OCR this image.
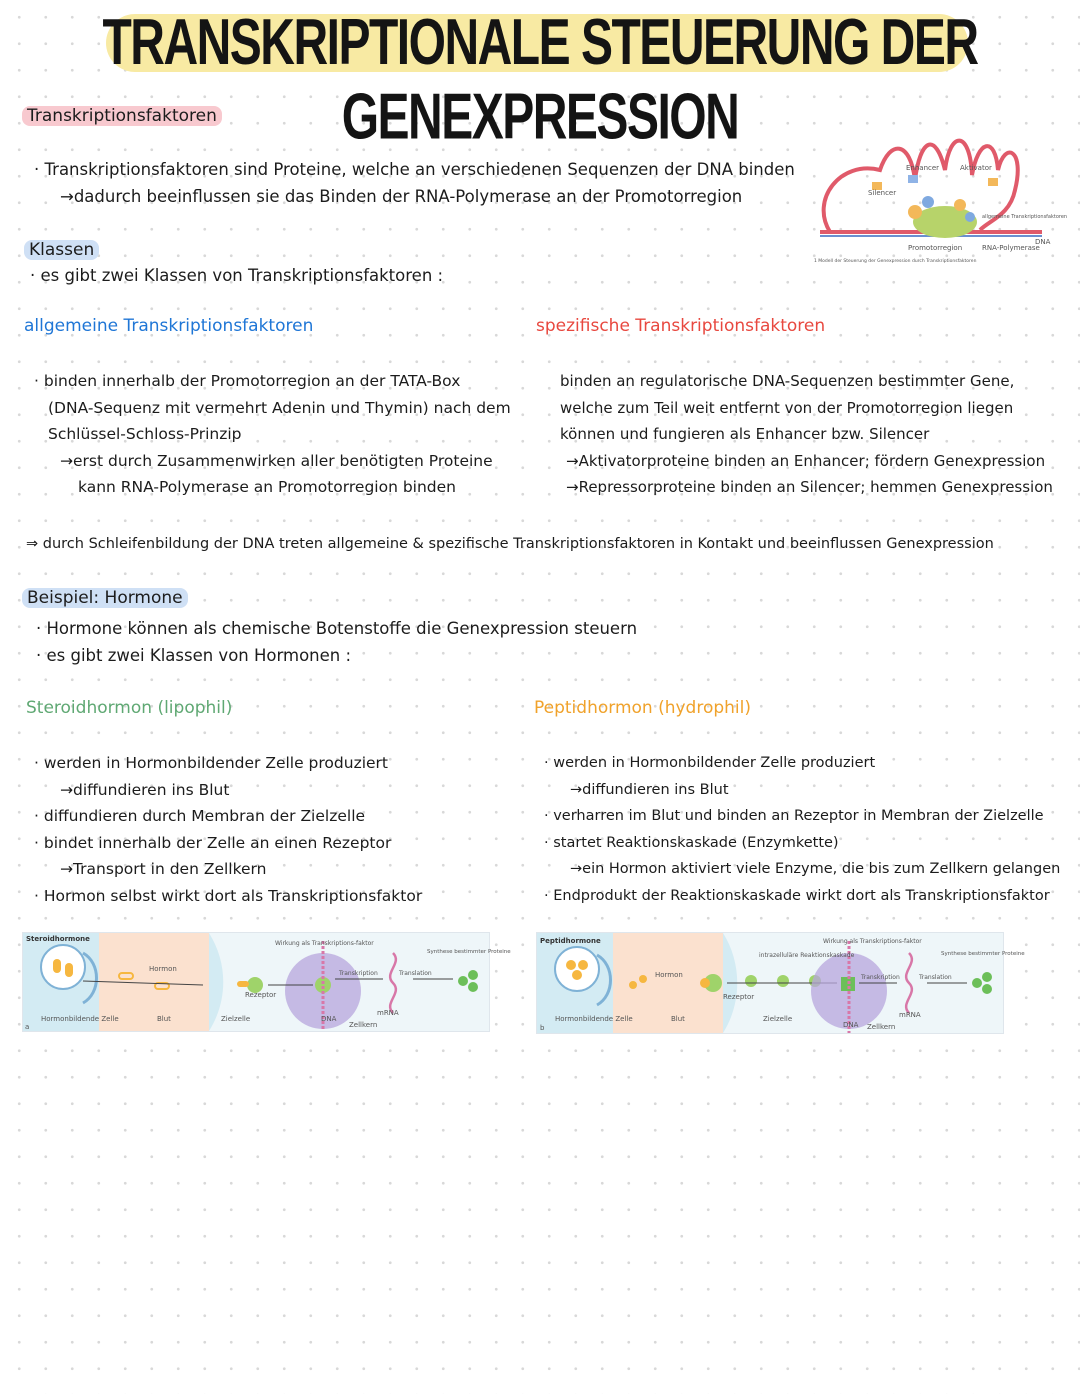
TRANSKRIPTIONALE STEUERUNG DER GENEXPRESSION
Transkriptionsfaktoren
· Transkriptionsfaktoren sind Proteine, welche an verschiedenen Sequenzen der DNA binden
→dadurch beeinflussen sie das Binden der RNA-Polymerase an der Promotorregion
Enhancer	Aktivator
Silencer
allgemeine Transkriptionsfaktoren
Promotorregion	RNA-Polymerase
DNA
1 Modell der Steuerung der Genexpression durch Transkriptionsfaktoren
Klassen
· es gibt zwei Klassen von Transkriptionsfaktoren :
allgemeine Transkriptionsfaktoren	spezifische Transkriptionsfaktoren
· binden innerhalb der Promotorregion an der TATA-Box
(DNA-Sequenz mit vermehrt Adenin und Thymin) nach dem
Schlüssel-Schloss-Prinzip
→erst durch Zusammenwirken aller benötigten Proteine
kann RNA-Polymerase an Promotorregion binden
binden an regulatorische DNA-Sequenzen bestimmter Gene,
welche zum Teil weit entfernt von der Promotorregion liegen
können und fungieren als Enhancer bzw. Silencer
→Aktivatorproteine binden an Enhancer; fördern Genexpression
→Repressorproteine binden an Silencer; hemmen Genexpression
⇒ durch Schleifenbildung der DNA treten allgemeine & spezifische Transkriptionsfaktoren in Kontakt und beeinflussen Genexpression
Beispiel: Hormone
· Hormone können als chemische Botenstoffe die Genexpression steuern
· es gibt zwei Klassen von Hormonen :
Steroidhormon (lipophil)	Peptidhormon (hydrophil)
· werden in Hormonbildender Zelle produziert
→diffundieren ins Blut
· diffundieren durch Membran der Zielzelle
· bindet innerhalb der Zelle an einen Rezeptor
→Transport in den Zellkern
· Hormon selbst wirkt dort als Transkriptionsfaktor
· werden in Hormonbildender Zelle produziert
→diffundieren ins Blut
· verharren im Blut und binden an Rezeptor in Membran der Zielzelle
· startet Reaktionskaskade (Enzymkette)
→ein Hormon aktiviert viele Enzyme, die bis zum Zellkern gelangen
· Endprodukt der Reaktionskaskade wirkt dort als Transkriptionsfaktor
Steroidhormone
a
Hormon
Rezeptor
Wirkung als Transkriptions-faktor
Transkription	Translation
Synthese bestimmter Proteine
Hormonbildende Zelle	Blut	Zielzelle	DNA
mRNA
Zellkern
Peptidhormone
b
Hormon
intrazelluläre Reaktionskaskade
Rezeptor
Wirkung als Transkriptions-faktor
Transkription	Translation
Synthese bestimmter Proteine
Hormonbildende Zelle	Blut	Zielzelle
DNA Zellkern
mRNA
